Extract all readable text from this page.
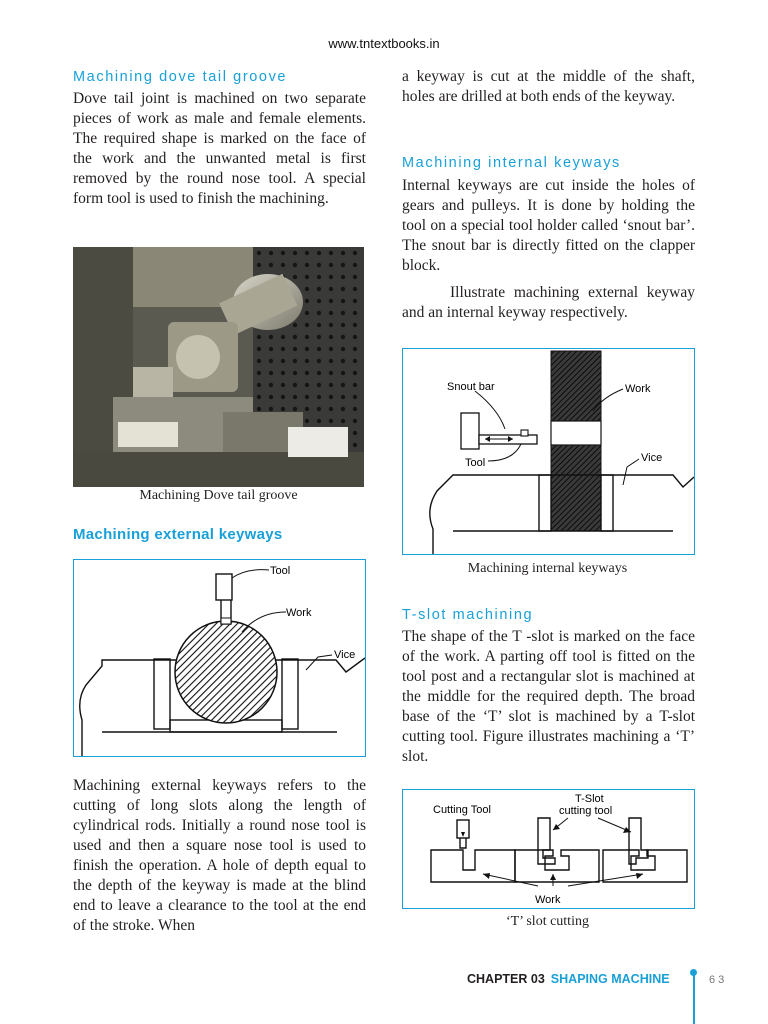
www.tntextbooks.in
Machining dove tail groove

Dove tail joint is machined on two separate pieces of work as male and female elements. The required shape is marked on the face of the work and the unwanted metal is first removed by the round nose tool. A special form tool is used to finish the machining.

Machining Dove tail groove

Machining external keyways
Tool
Work
Vice

Machining external keyways refers to the cutting of long slots along the length of cylindrical rods. Initially a round nose tool is used and then a square nose tool is used to finish the operation. A hole of depth equal to the depth of the keyway is made at the blind end to leave a clearance to the tool at the end of the stroke. When

a keyway is cut at the middle of the shaft, holes are drilled at both ends of the keyway.

Machining internal keyways

Internal keyways are cut inside the holes of gears and pulleys. It is done by holding the tool on a special tool holder called ‘snout bar’. The snout bar is directly fitted on the clapper block.

Illustrate machining external keyway and an internal keyway respectively.

Snout bar	Work
Tool	Vice

Machining internal keyways

T-slot machining

The shape of the T -slot is marked on the face of the work. A parting off tool is fitted on the tool post and a rectangular slot is machined at the middle for the required depth. The broad base of the ‘T’ slot is machined by a T-slot cutting tool. Figure illustrates machining a ‘T’ slot.

Cutting Tool
T-Slot
cutting tool
Work

‘T’ slot cutting

CHAPTER 03 SHAPING MACHINE	63
